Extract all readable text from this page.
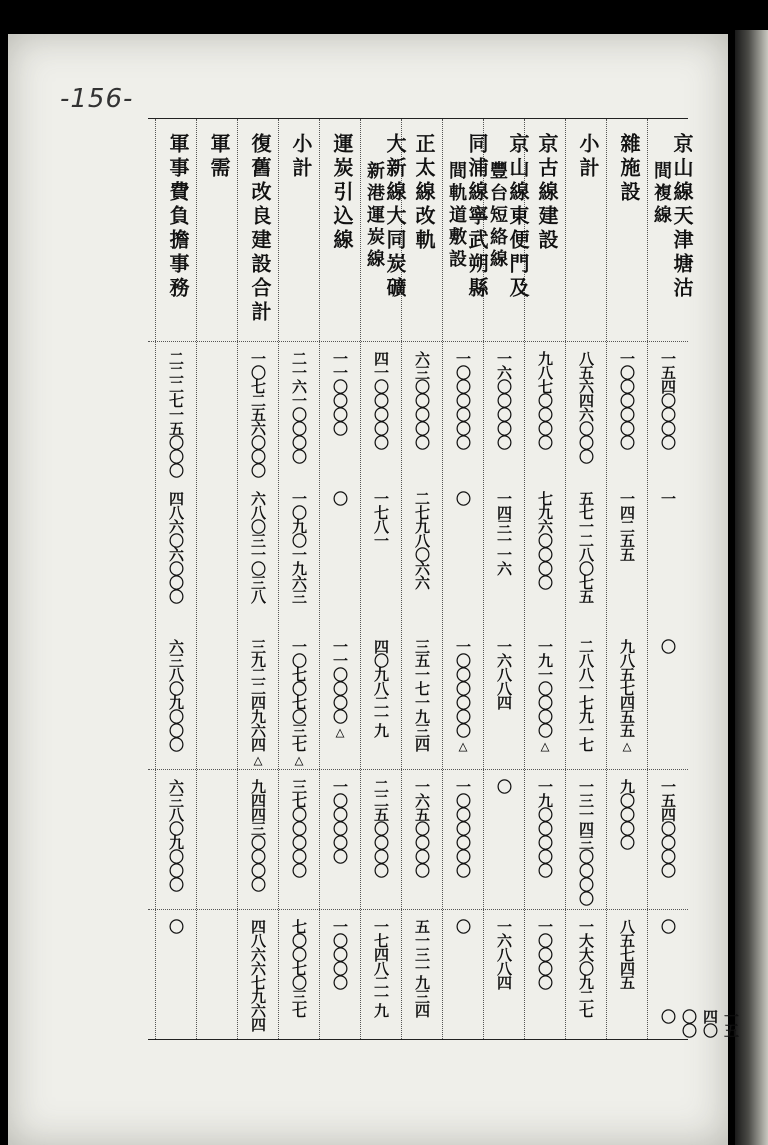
-156-
京山線天津塘沽
間複線
一五四〇〇〇〇
一
〇
一五四〇〇〇〇
〇
一五四〇〇〇〇
雜施設
一〇〇〇〇〇〇
一四二五五
九八五七四五五△
九〇〇〇〇
八五七四五
小計
八五六四六〇〇〇
五七一二八〇七五
二八八一七九一七
一三一四三〇〇〇〇
一大大〇九二七
京古線建設
九八七〇〇〇〇
七九六〇〇〇〇
一九一〇〇〇〇△
一九〇〇〇〇〇
一〇〇〇〇
京山線東便門及
豐台短絡線
一六〇〇〇〇〇
一四三一一六
一六八八四
〇
一六八八四
同浦線寧武朔縣
間軌道敷設
一〇〇〇〇〇〇
〇
一〇〇〇〇〇〇△
一〇〇〇〇〇〇
〇
正太線改軌
六三〇〇〇〇〇
二七九八〇六六
三五一七一九三四
一六五〇〇〇〇
五一三一九三四
大新線大同炭礦
新港運炭線
四一〇〇〇〇〇
一七八一
四〇九八二一九
二二五〇〇〇〇
一七四八二一九
運炭引込線
一一〇〇〇〇
〇
一一〇〇〇〇△
一〇〇〇〇〇
一〇〇〇〇
小計
二一六一〇〇〇〇
一〇九〇一九六三
一〇七〇七〇三七△
三七〇〇〇〇〇
七〇〇七〇三七
復舊改良建設合計
一〇七二五六〇〇〇
六八〇三一〇三八
三九二二四九六四△
九四四三〇〇〇〇
四八六六七九六四
軍需
軍事費負擔事務
二二二七一五〇〇〇
四八六〇六〇〇〇
六三八〇九〇〇〇
六三八〇九〇〇〇
〇
